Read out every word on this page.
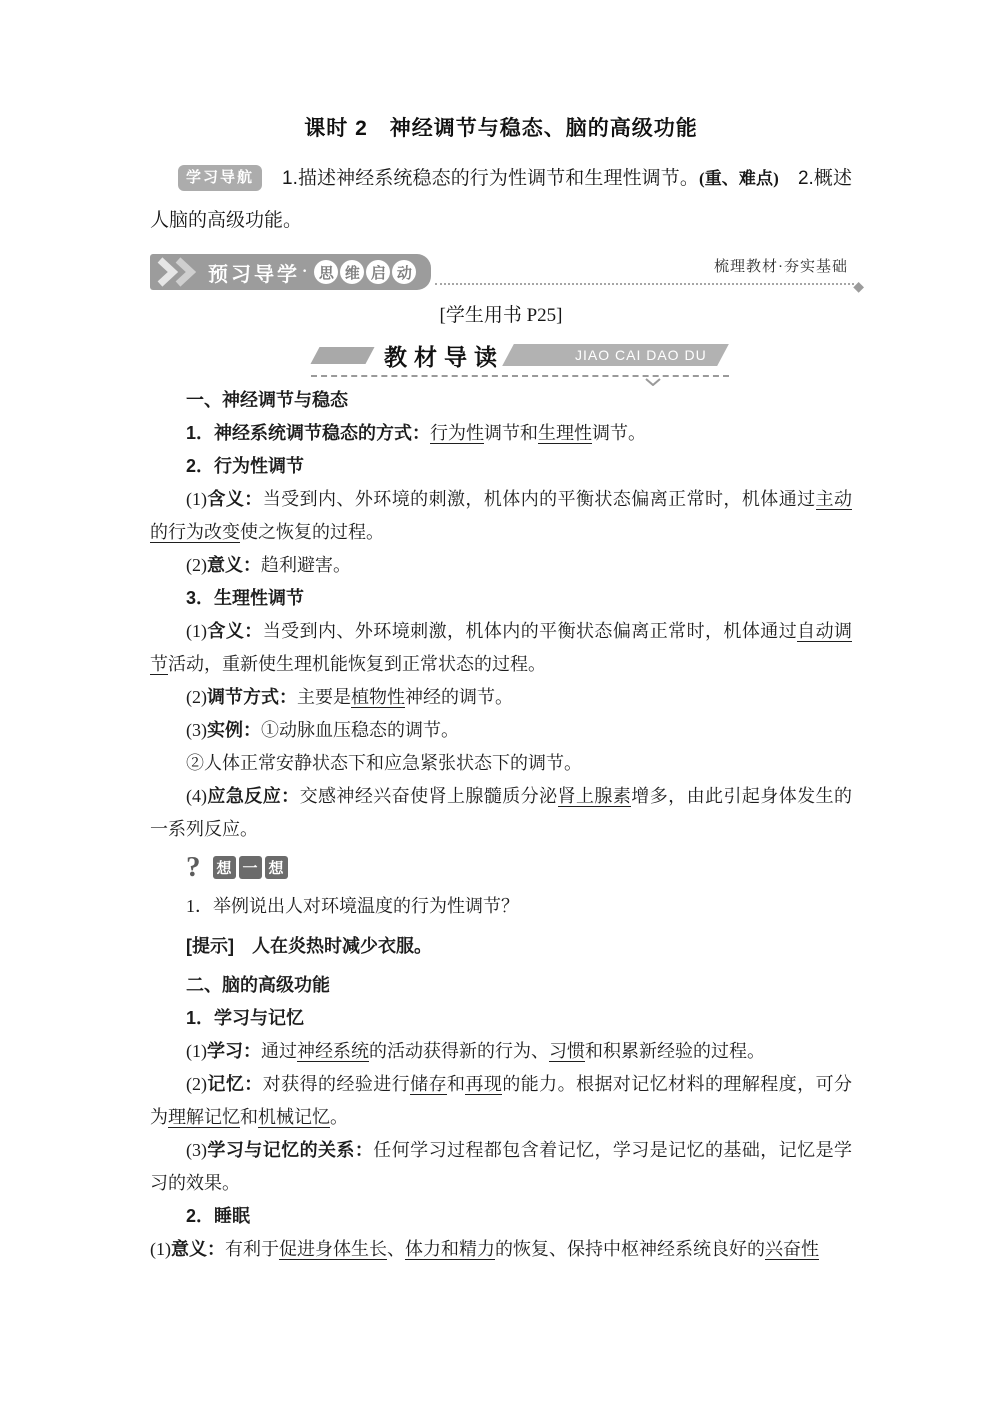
课时 2　神经调节与稳态、脑的高级功能

学习导航 1.描述神经系统稳态的行为性调节和生理性调节。(重、难点)　2.概述人脑的高级功能。

预习导学 · 思 维 启 动	梳理教材·夯实基础
◆

[学生用书 P25]

教材导读	JIAO CAI DAO DU

一、神经调节与稳态

1．神经系统调节稳态的方式：行为性调节和生理性调节。

2．行为性调节

(1)含义：当受到内、外环境的刺激，机体内的平衡状态偏离正常时，机体通过主动的行为改变使之恢复的过程。

(2)意义：趋利避害。

3．生理性调节

(1)含义：当受到内、外环境刺激，机体内的平衡状态偏离正常时，机体通过自动调节活动，重新使生理机能恢复到正常状态的过程。

(2)调节方式：主要是植物性神经的调节。

(3)实例：①动脉血压稳态的调节。

②人体正常安静状态下和应急紧张状态下的调节。

(4)应急反应：交感神经兴奋使肾上腺髓质分泌肾上腺素增多，由此引起身体发生的一系列反应。

? 想 一 想

1．举例说出人对环境温度的行为性调节？

[提示]　人在炎热时减少衣服。

二、脑的高级功能

1．学习与记忆

(1)学习：通过神经系统的活动获得新的行为、习惯和积累新经验的过程。

(2)记忆：对获得的经验进行储存和再现的能力。根据对记忆材料的理解程度，可分为理解记忆和机械记忆。

(3)学习与记忆的关系：任何学习过程都包含着记忆，学习是记忆的基础，记忆是学习的效果。

2．睡眠

(1)意义：有利于促进身体生长、体力和精力的恢复、保持中枢神经系统良好的兴奋性
